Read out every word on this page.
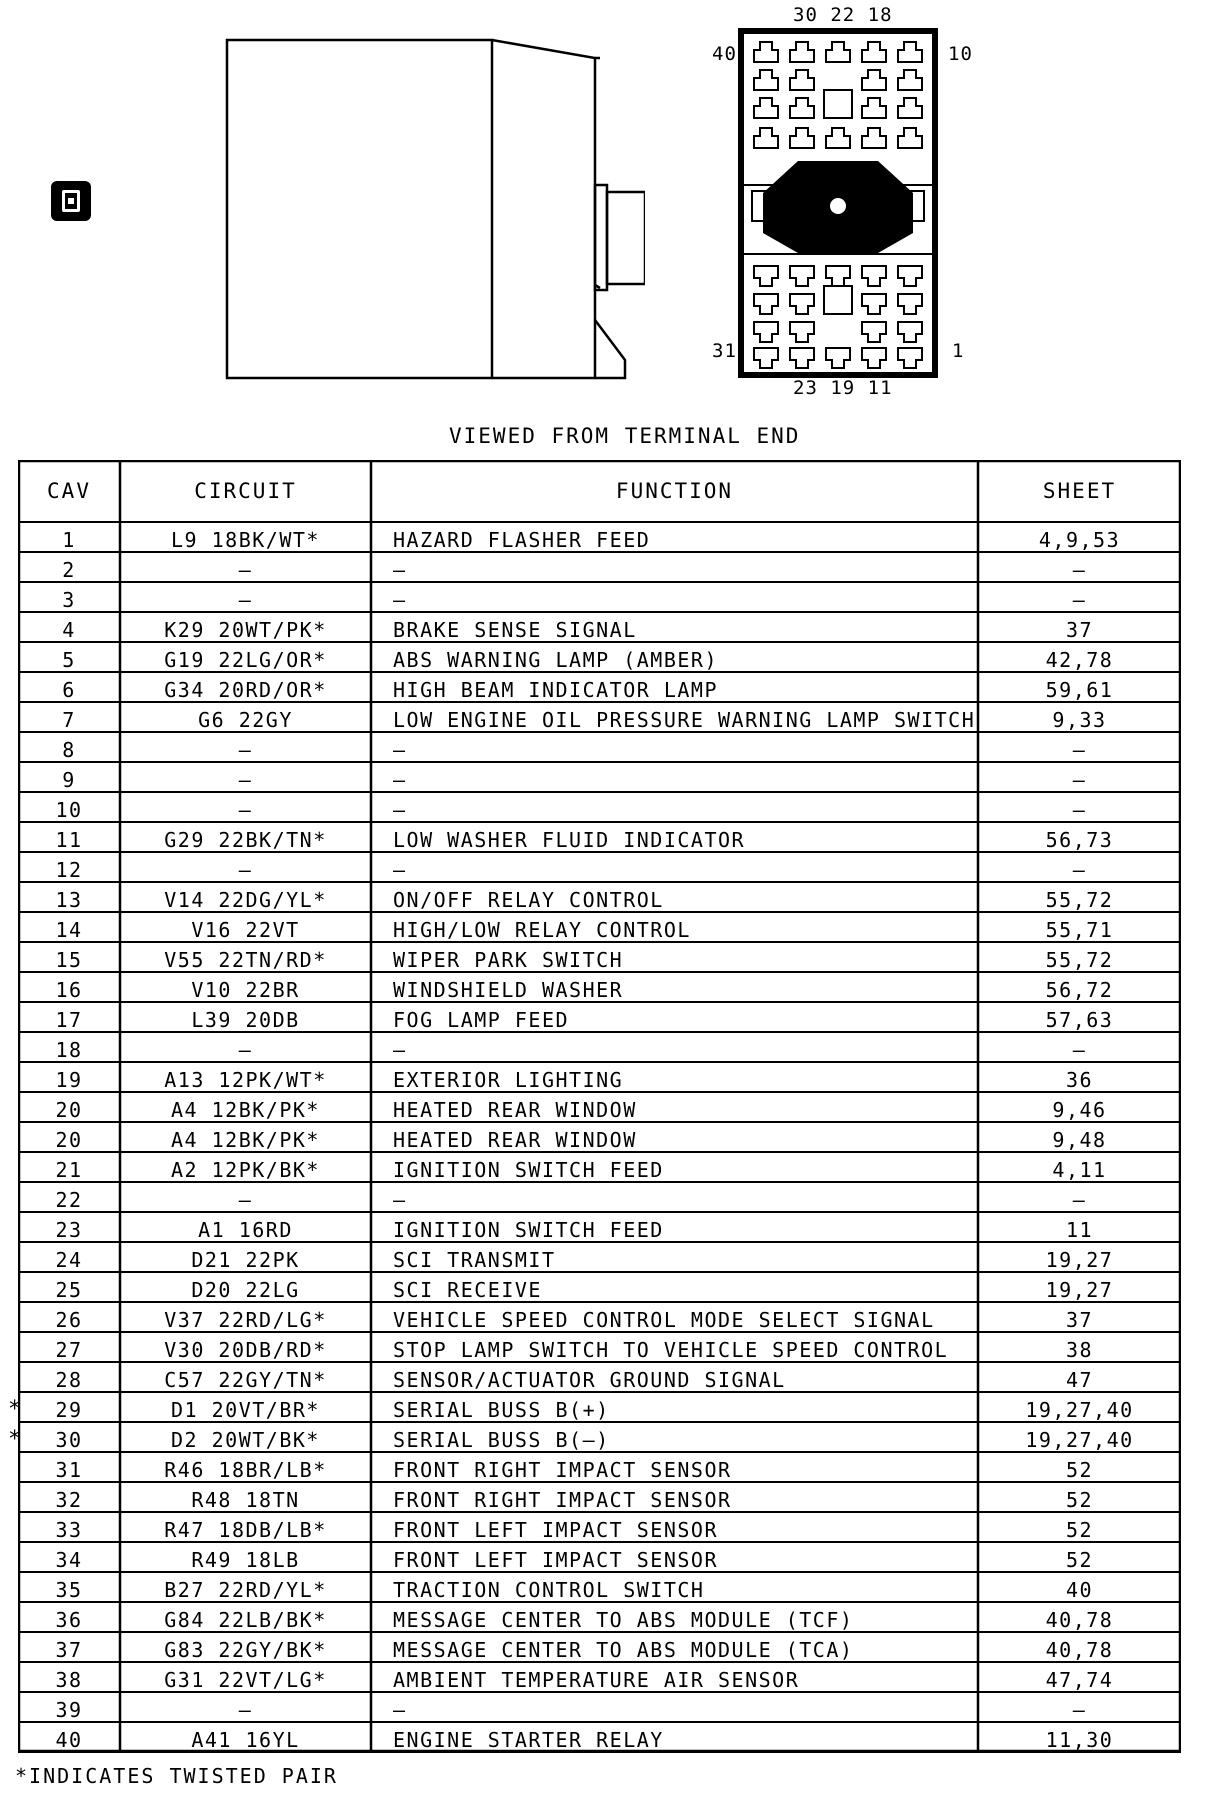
30 22 18
40	10
31	1
23 19 11
VIEWED FROM TERMINAL END
CAV	CIRCUIT	FUNCTION	SHEET
1	L9 18BK/WT*	HAZARD FLASHER FEED	4,9,53
2	—	—	—
3	—	—	—
4	K29 20WT/PK*	BRAKE SENSE SIGNAL	37
5	G19 22LG/OR*	ABS WARNING LAMP (AMBER)	42,78
6	G34 20RD/OR*	HIGH BEAM INDICATOR LAMP	59,61
7	G6 22GY	LOW ENGINE OIL PRESSURE WARNING LAMP SWITCH	9,33
8	—	—	—
9	—	—	—
10	—	—	—
11	G29 22BK/TN*	LOW WASHER FLUID INDICATOR	56,73
12	—	—	—
13	V14 22DG/YL*	ON/OFF RELAY CONTROL	55,72
14	V16 22VT	HIGH/LOW RELAY CONTROL	55,71
15	V55 22TN/RD*	WIPER PARK SWITCH	55,72
16	V10 22BR	WINDSHIELD WASHER	56,72
17	L39 20DB	FOG LAMP FEED	57,63
18	—	—	—
19	A13 12PK/WT*	EXTERIOR LIGHTING	36
20	A4 12BK/PK*	HEATED REAR WINDOW	9,46
20	A4 12BK/PK*	HEATED REAR WINDOW	9,48
21	A2 12PK/BK*	IGNITION SWITCH FEED	4,11
22	—	—	—
23	A1 16RD	IGNITION SWITCH FEED	11
24	D21 22PK	SCI TRANSMIT	19,27
25	D20 22LG	SCI RECEIVE	19,27
26	V37 22RD/LG*	VEHICLE SPEED CONTROL MODE SELECT SIGNAL	37
27	V30 20DB/RD*	STOP LAMP SWITCH TO VEHICLE SPEED CONTROL	38
28	C57 22GY/TN*	SENSOR/ACTUATOR GROUND SIGNAL	47
29	D1 20VT/BR*	SERIAL BUSS B(+)	19,27,40
*
30	D2 20WT/BK*	SERIAL BUSS B(—)	19,27,40
*
31	R46 18BR/LB*	FRONT RIGHT IMPACT SENSOR	52
32	R48 18TN	FRONT RIGHT IMPACT SENSOR	52
33	R47 18DB/LB*	FRONT LEFT IMPACT SENSOR	52
34	R49 18LB	FRONT LEFT IMPACT SENSOR	52
35	B27 22RD/YL*	TRACTION CONTROL SWITCH	40
36	G84 22LB/BK*	MESSAGE CENTER TO ABS MODULE (TCF)	40,78
37	G83 22GY/BK*	MESSAGE CENTER TO ABS MODULE (TCA)	40,78
38	G31 22VT/LG*	AMBIENT TEMPERATURE AIR SENSOR	47,74
39	—	—	—
40	A41 16YL	ENGINE STARTER RELAY	11,30
*INDICATES TWISTED PAIR
